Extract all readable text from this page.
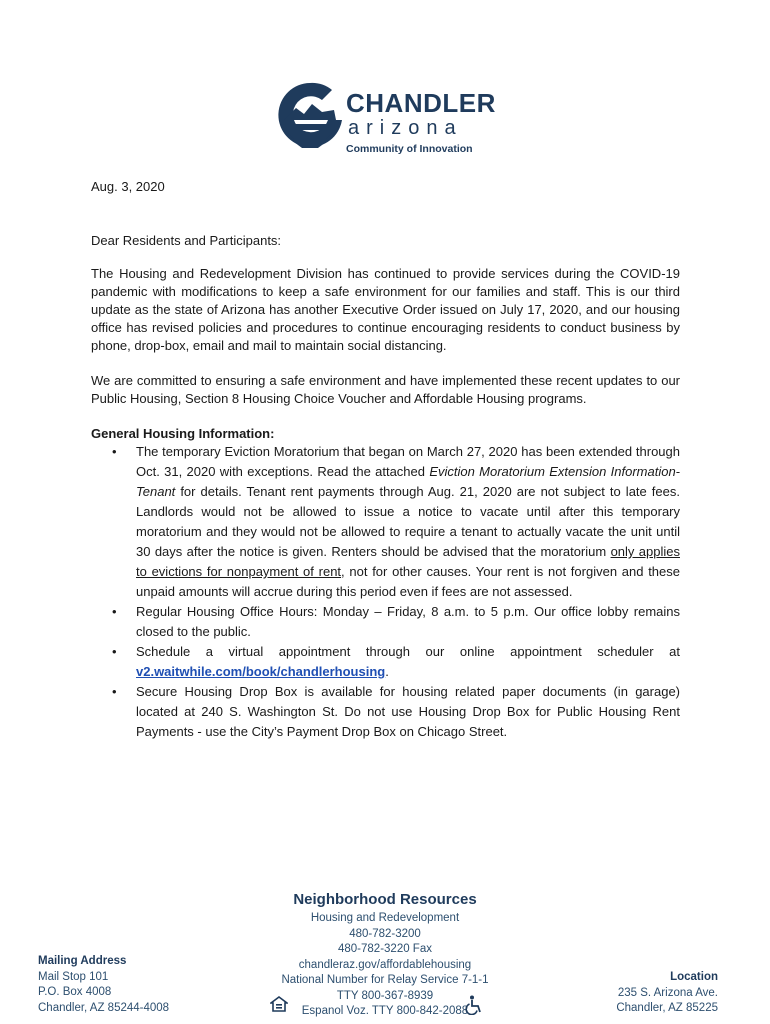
CHANDLER
arizona
Community of Innovation
Aug. 3, 2020
Dear Residents and Participants:

The Housing and Redevelopment Division has continued to provide services during the COVID-19 pandemic with modifications to keep a safe environment for our families and staff. This is our third update as the state of Arizona has another Executive Order issued on July 17, 2020, and our housing office has revised policies and procedures to continue encouraging residents to conduct business by phone, drop-box, email and mail to maintain social distancing.

We are committed to ensuring a safe environment and have implemented these recent updates to our Public Housing, Section 8 Housing Choice Voucher and Affordable Housing programs.

General Housing Information:
• The temporary Eviction Moratorium that began on March 27, 2020 has been extended through Oct. 31, 2020 with exceptions. Read the attached Eviction Moratorium Extension Information-Tenant for details. Tenant rent payments through Aug. 21, 2020 are not subject to late fees. Landlords would not be allowed to issue a notice to vacate until after this temporary moratorium and they would not be allowed to require a tenant to actually vacate the unit until 30 days after the notice is given. Renters should be advised that the moratorium only applies to evictions for nonpayment of rent, not for other causes. Your rent is not forgiven and these unpaid amounts will accrue during this period even if fees are not assessed.
• Regular Housing Office Hours: Monday – Friday, 8 a.m. to 5 p.m. Our office lobby remains closed to the public.
• Schedule a virtual appointment through our online appointment scheduler at v2.waitwhile.com/book/chandlerhousing.
• Secure Housing Drop Box is available for housing related paper documents (in garage) located at 240 S. Washington St. Do not use Housing Drop Box for Public Housing Rent Payments - use the City’s Payment Drop Box on Chicago Street.
Neighborhood Resources
Housing and Redevelopment
480-782-3200
480-782-3220 Fax
chandleraz.gov/affordablehousing
National Number for Relay Service 7-1-1
TTY 800-367-8939
Espanol Voz. TTY 800-842-2088
Mailing Address
Mail Stop 101
P.O. Box 4008
Chandler, AZ 85244-4008
Location
235 S. Arizona Ave.
Chandler, AZ 85225
